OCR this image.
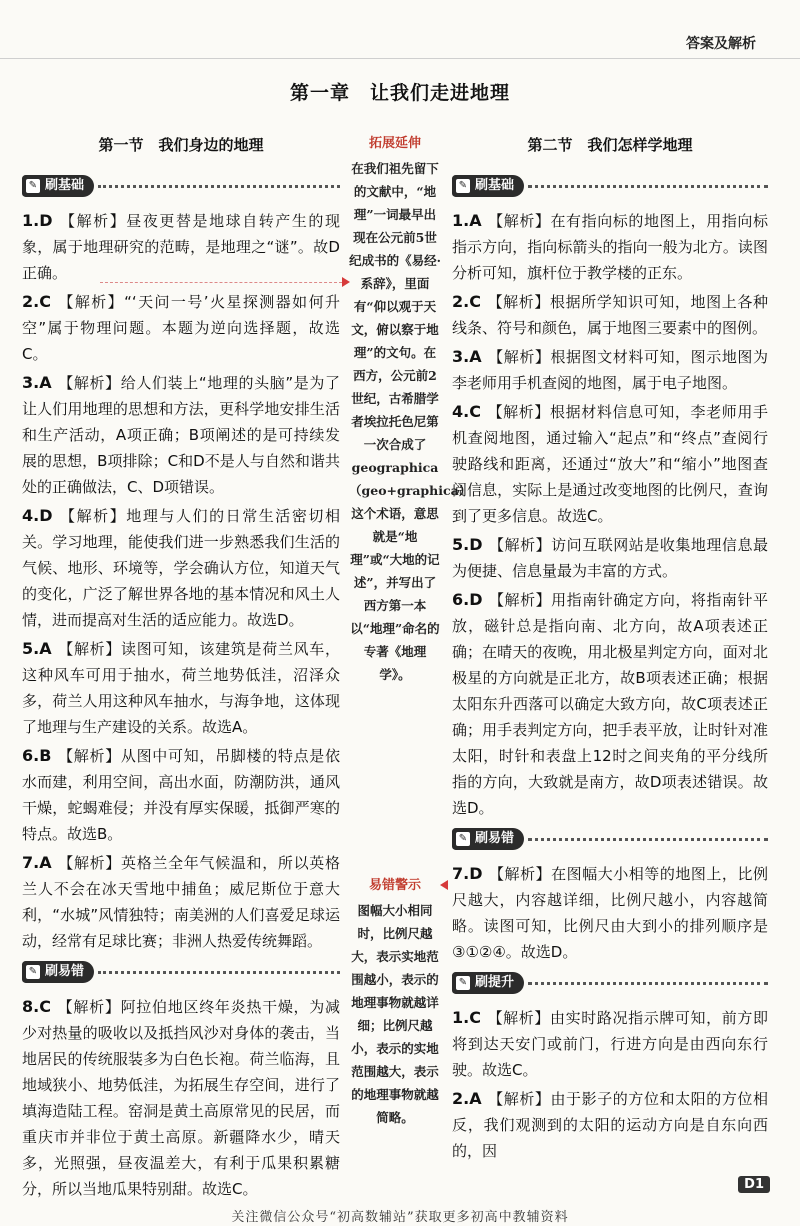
答案及解析
第一章　让我们走进地理
第一节　我们身边的地理
✎ 刷基础
1.D 【解析】昼夜更替是地球自转产生的现象，属于地理研究的范畴，是地理之“谜”。故D正确。
2.C 【解析】“‘天问一号’火星探测器如何升空”属于物理问题。本题为逆向选择题，故选C。
3.A 【解析】给人们装上“地理的头脑”是为了让人们用地理的思想和方法，更科学地安排生活和生产活动，A项正确；B项阐述的是可持续发展的思想，B项排除；C和D不是人与自然和谐共处的正确做法，C、D项错误。
4.D 【解析】地理与人们的日常生活密切相关。学习地理，能使我们进一步熟悉我们生活的气候、地形、环境等，学会确认方位，知道天气的变化，广泛了解世界各地的基本情况和风土人情，进而提高对生活的适应能力。故选D。
5.A 【解析】读图可知，该建筑是荷兰风车，这种风车可用于抽水，荷兰地势低洼，沼泽众多，荷兰人用这种风车抽水，与海争地，这体现了地理与生产建设的关系。故选A。
6.B 【解析】从图中可知，吊脚楼的特点是依水而建，利用空间，高出水面，防潮防洪，通风干燥，蛇蝎难侵；并没有厚实保暖，抵御严寒的特点。故选B。
7.A 【解析】英格兰全年气候温和，所以英格兰人不会在冰天雪地中捕鱼；威尼斯位于意大利，“水城”风情独特；南美洲的人们喜爱足球运动，经常有足球比赛；非洲人热爱传统舞蹈。
✎ 刷易错
8.C 【解析】阿拉伯地区终年炎热干燥，为减少对热量的吸收以及抵挡风沙对身体的袭击，当地居民的传统服装多为白色长袍。荷兰临海，且地域狭小、地势低洼，为拓展生存空间，进行了填海造陆工程。窑洞是黄土高原常见的民居，而重庆市并非位于黄土高原。新疆降水少，晴天多，光照强，昼夜温差大，有利于瓜果积累糖分，所以当地瓜果特别甜。故选C。
拓展延伸
在我们祖先留下的文献中，“地理”一词最早出现在公元前5世纪成书的《易经·系辞》，里面有“仰以观于天文，俯以察于地理”的文句。在西方，公元前2世纪，古希腊学者埃拉托色尼第一次合成了geographica（geo+graphica）这个术语，意思就是“地理”或“大地的记述”，并写出了西方第一本以“地理”命名的专著《地理学》。
易错警示
图幅大小相同时，比例尺越大，表示实地范围越小，表示的地理事物就越详细；比例尺越小，表示的实地范围越大，表示的地理事物就越简略。
第二节　我们怎样学地理
✎ 刷基础
1.A 【解析】在有指向标的地图上，用指向标指示方向，指向标箭头的指向一般为北方。读图分析可知，旗杆位于教学楼的正东。
2.C 【解析】根据所学知识可知，地图上各种线条、符号和颜色，属于地图三要素中的图例。
3.A 【解析】根据图文材料可知，图示地图为李老师用手机查阅的地图，属于电子地图。
4.C 【解析】根据材料信息可知，李老师用手机查阅地图，通过输入“起点”和“终点”查阅行驶路线和距离，还通过“放大”和“缩小”地图查阅信息，实际上是通过改变地图的比例尺，查询到了更多信息。故选C。
5.D 【解析】访问互联网站是收集地理信息最为便捷、信息量最为丰富的方式。
6.D 【解析】用指南针确定方向，将指南针平放，磁针总是指向南、北方向，故A项表述正确；在晴天的夜晚，用北极星判定方向，面对北极星的方向就是正北方，故B项表述正确；根据太阳东升西落可以确定大致方向，故C项表述正确；用手表判定方向，把手表平放，让时针对准太阳，时针和表盘上12时之间夹角的平分线所指的方向，大致就是南方，故D项表述错误。故选D。
✎ 刷易错
7.D 【解析】在图幅大小相等的地图上，比例尺越大，内容越详细，比例尺越小，内容越简略。读图可知，比例尺由大到小的排列顺序是③①②④。故选D。
✎ 刷提升
1.C 【解析】由实时路况指示牌可知，前方即将到达天安门或前门，行进方向是由西向东行驶。故选C。
2.A 【解析】由于影子的方位和太阳的方位相反，我们观测到的太阳的运动方向是自东向西的，因
D1
关注微信公众号“初高数辅站”获取更多初高中教辅资料
